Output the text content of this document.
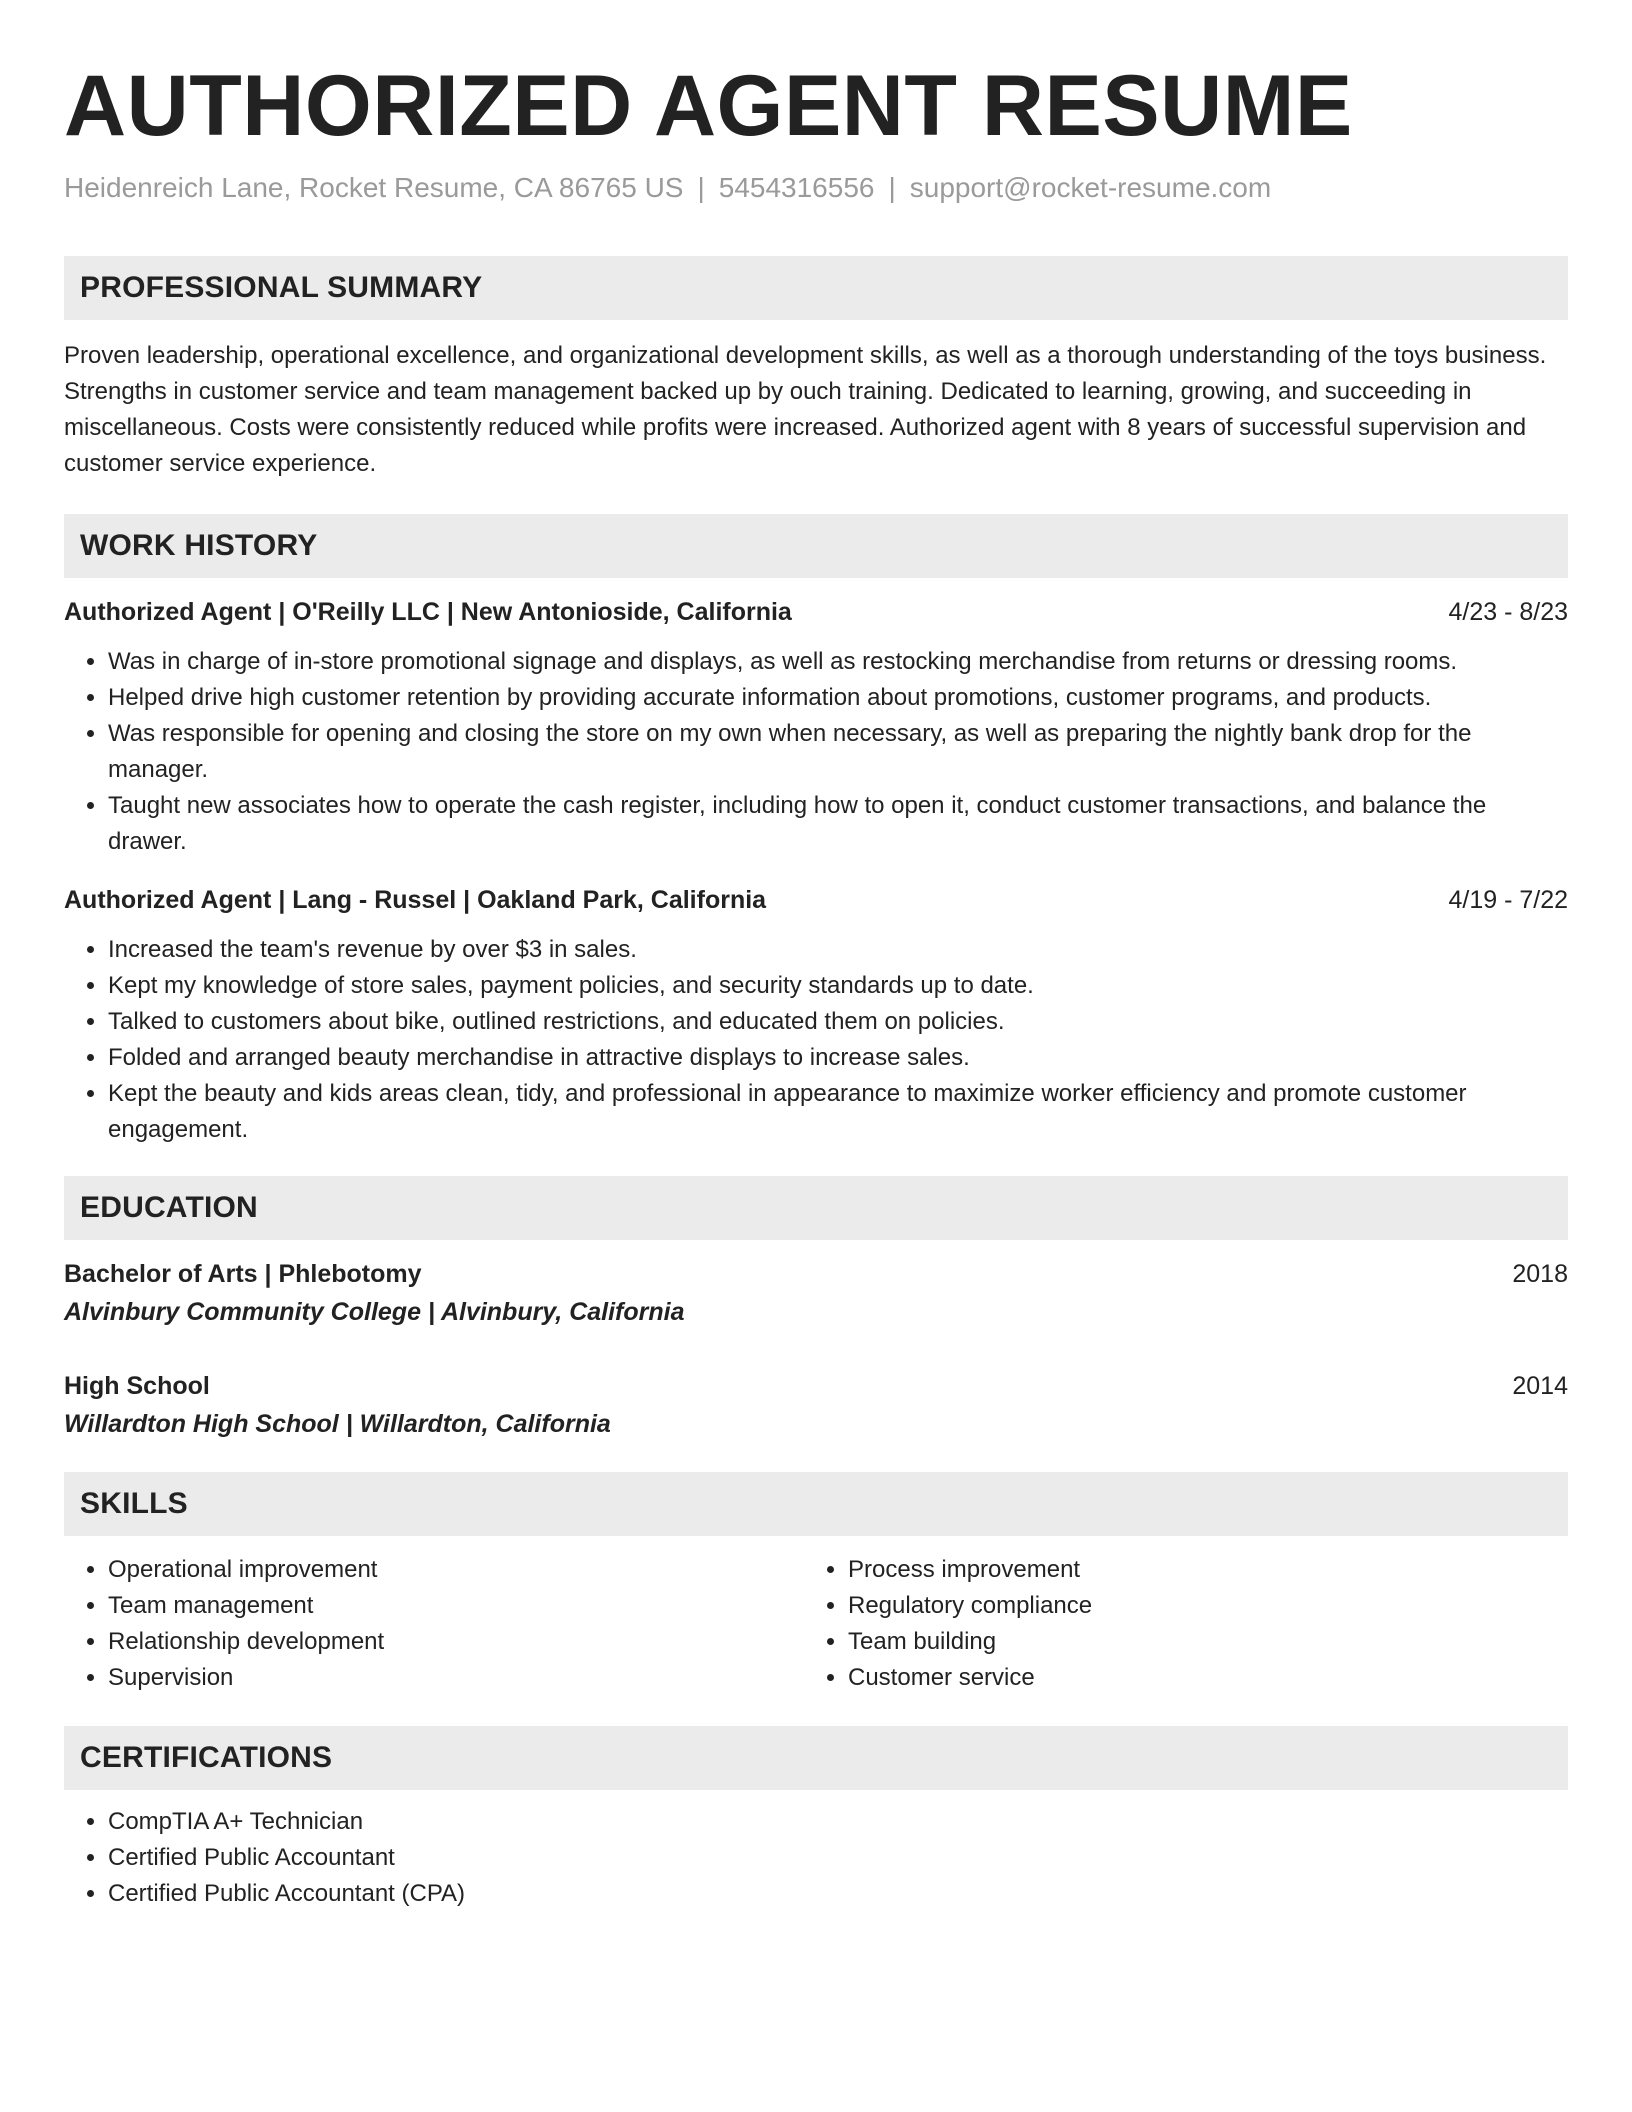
AUTHORIZED AGENT RESUME
Heidenreich Lane, Rocket Resume, CA 86765 US | 5454316556 | support@rocket-resume.com
PROFESSIONAL SUMMARY
Proven leadership, operational excellence, and organizational development skills, as well as a thorough understanding of the toys business. Strengths in customer service and team management backed up by ouch training. Dedicated to learning, growing, and succeeding in miscellaneous. Costs were consistently reduced while profits were increased. Authorized agent with 8 years of successful supervision and customer service experience.
WORK HISTORY
Authorized Agent | O'Reilly LLC | New Antonioside, California	4/23 - 8/23
• Was in charge of in-store promotional signage and displays, as well as restocking merchandise from returns or dressing rooms.
• Helped drive high customer retention by providing accurate information about promotions, customer programs, and products.
• Was responsible for opening and closing the store on my own when necessary, as well as preparing the nightly bank drop for the manager.
• Taught new associates how to operate the cash register, including how to open it, conduct customer transactions, and balance the drawer.
Authorized Agent | Lang - Russel | Oakland Park, California	4/19 - 7/22
• Increased the team's revenue by over $3 in sales.
• Kept my knowledge of store sales, payment policies, and security standards up to date.
• Talked to customers about bike, outlined restrictions, and educated them on policies.
• Folded and arranged beauty merchandise in attractive displays to increase sales.
• Kept the beauty and kids areas clean, tidy, and professional in appearance to maximize worker efficiency and promote customer engagement.
EDUCATION
Bachelor of Arts | Phlebotomy	2018
Alvinbury Community College | Alvinbury, California
High School	2014
Willardton High School | Willardton, California
SKILLS
• Operational improvement
• Team management
• Relationship development
• Supervision
• Process improvement
• Regulatory compliance
• Team building
• Customer service
CERTIFICATIONS
• CompTIA A+ Technician
• Certified Public Accountant
• Certified Public Accountant (CPA)
